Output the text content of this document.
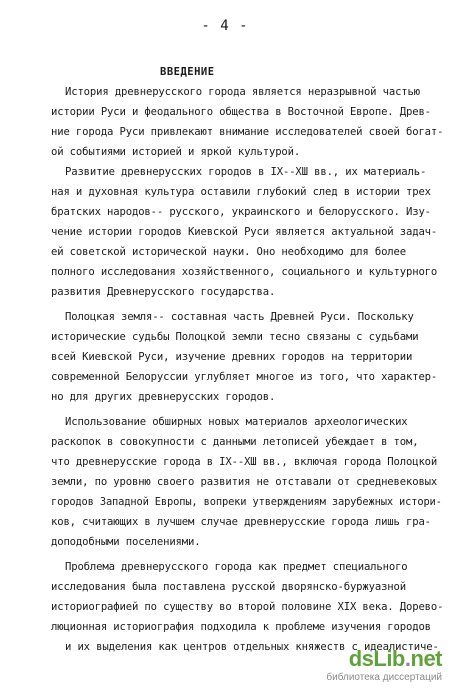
- 4 -
ВВЕДЕНИЕ
История древнерусского города является неразрывной частью
истории Руси и феодального общества в Восточной Европе. Древ-
ние города Руси привлекают внимание исследователей своей богат-
ой событиями историей и яркой культурой.
Развитие древнерусских городов в IX--XШ вв., их материаль-
ная и духовная культура оставили глубокий след в истории трех
братских народов-- русского, украинского и белорусского. Изу-
чение истории городов Киевской Руси является актуальной задач-
ей советской исторической науки. Оно необходимо для более
полного исследования хозяйственного, социального и культурного
развития Древнерусского государства.
Полоцкая земля-- составная часть Древней Руси. Поскольку
исторические судьбы Полоцкой земли тесно связаны с судьбами
всей Киевской Руси, изучение древних городов на территории
современной Белоруссии углубляет многое из того, что характер-
но для других древнерусских городов.
Использование обширных новых материалов археологических
раскопок в совокупности с данными летописей убеждает в том,
что древнерусские города в IX--XШ вв., включая города Полоцкой
земли, по уровню своего развития не отставали от средневековых
городов Западной Европы, вопреки утверждениям зарубежных истори-
ков, считающих в лучшем случае древнерусские города лишь гра-
доподобными поселениями.
Проблема древнерусского города как предмет специального
исследования была поставлена русской дворянско-буржуазной
историографией по существу во второй половине XIX века. Дорево-
люционная историография подходила к проблеме изучения городов
и их выделения как центров отдельных княжеств с идеалистиче-
dsLib.net
библиотека диссертаций
